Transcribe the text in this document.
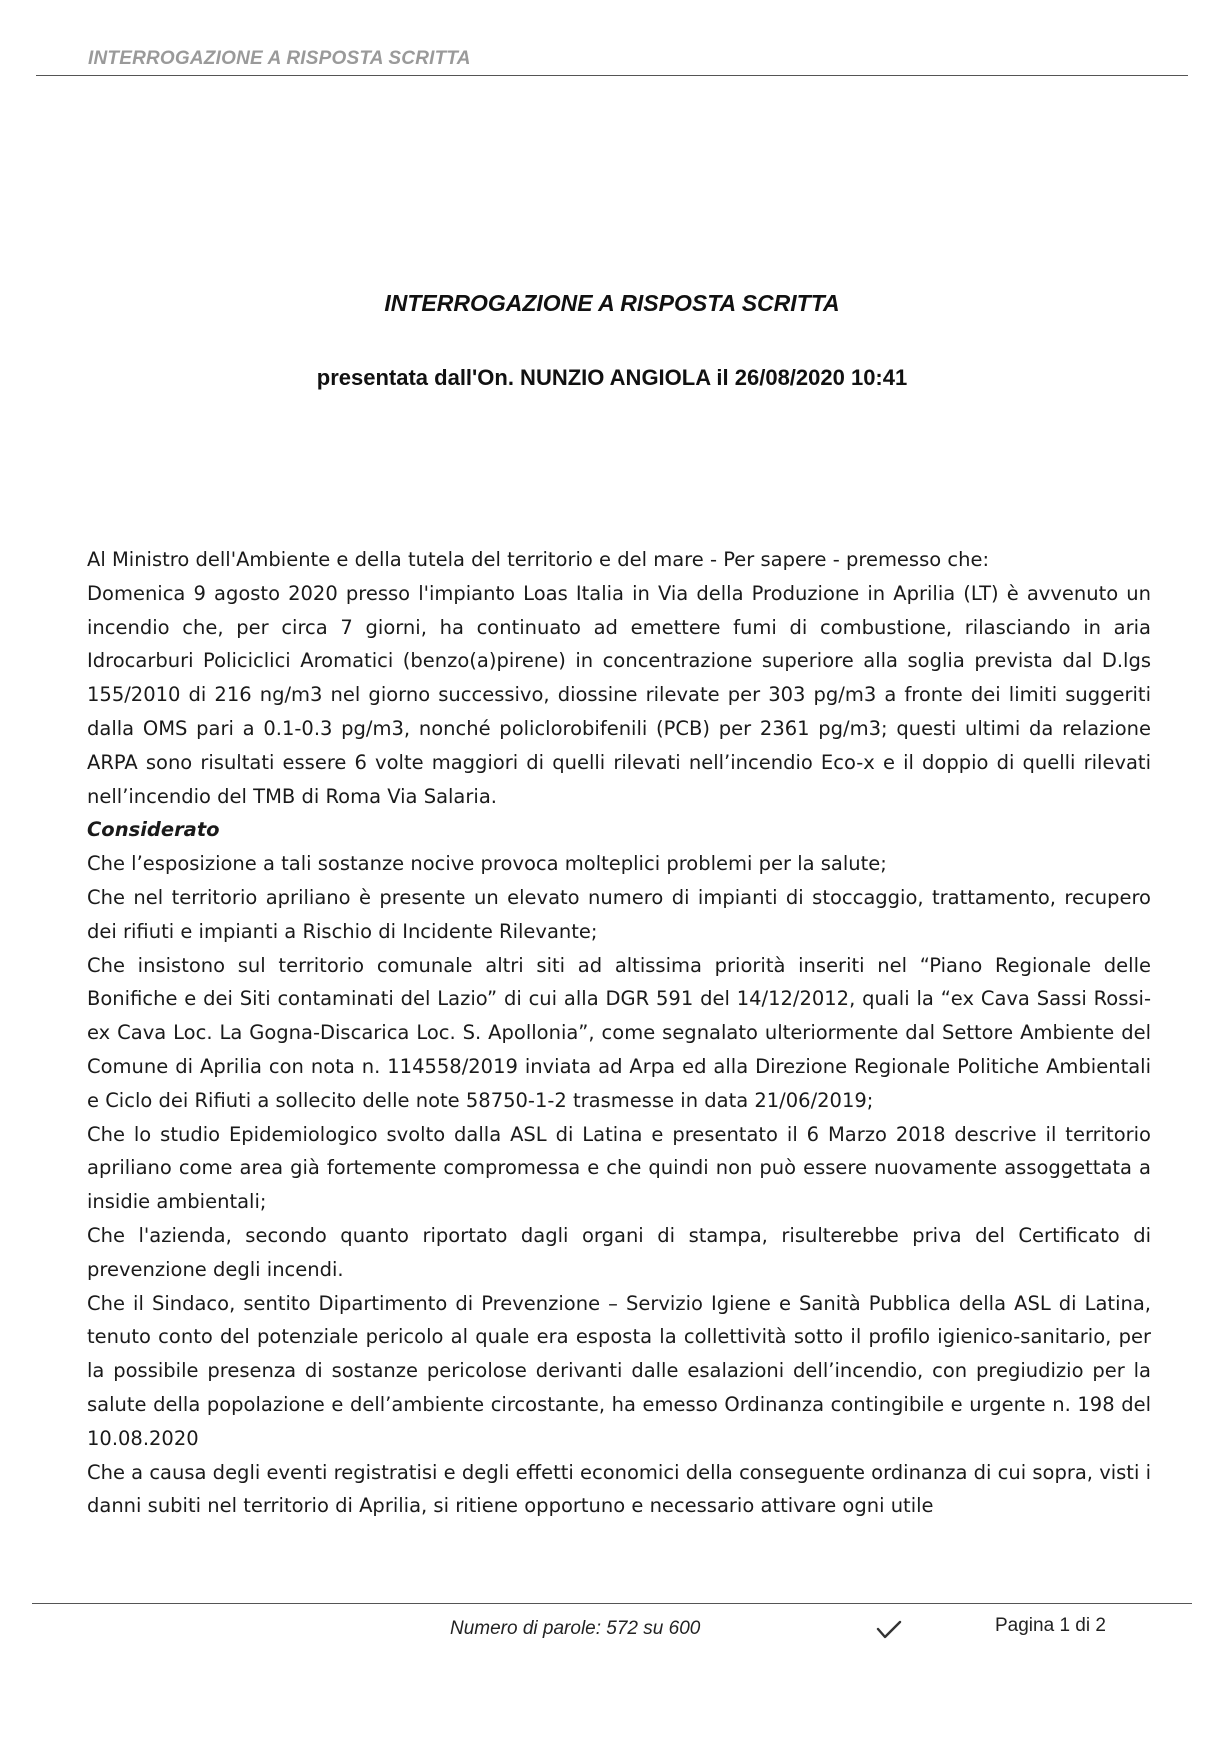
INTERROGAZIONE A RISPOSTA SCRITTA
INTERROGAZIONE A RISPOSTA SCRITTA
presentata dall'On. NUNZIO ANGIOLA il 26/08/2020 10:41

Al Ministro dell'Ambiente e della tutela del territorio e del mare - Per sapere - premesso che:

Domenica 9 agosto 2020 presso l'impianto Loas Italia in Via della Produzione in Aprilia (LT) è avvenuto un incendio che, per circa 7 giorni, ha continuato ad emettere fumi di combustione, rilasciando in aria Idrocarburi Policiclici Aromatici (benzo(a)pirene) in concentrazione superiore alla soglia prevista dal D.lgs 155/2010 di 216 ng/m3 nel giorno successivo, diossine rilevate per 303 pg/m3 a fronte dei limiti suggeriti dalla OMS pari a 0.1-0.3 pg/m3, nonché policlorobifenili (PCB) per 2361 pg/m3; questi ultimi da relazione ARPA sono risultati essere 6 volte maggiori di quelli rilevati nell’incendio Eco-x e il doppio di quelli rilevati nell’incendio del TMB di Roma Via Salaria.

Considerato

Che l’esposizione a tali sostanze nocive provoca molteplici problemi per la salute;

Che nel territorio apriliano è presente un elevato numero di impianti di stoccaggio, trattamento, recupero dei rifiuti e impianti a Rischio di Incidente Rilevante;

Che insistono sul territorio comunale altri siti ad altissima priorità inseriti nel “Piano Regionale delle Bonifiche e dei Siti contaminati del Lazio” di cui alla DGR 591 del 14/12/2012, quali la “ex Cava Sassi Rossi- ex Cava Loc. La Gogna-Discarica Loc. S. Apollonia”, come segnalato ulteriormente dal Settore Ambiente del Comune di Aprilia con nota n. 114558/2019 inviata ad Arpa ed alla Direzione Regionale Politiche Ambientali e Ciclo dei Rifiuti a sollecito delle note 58750-1-2 trasmesse in data 21/06/2019;

Che lo studio Epidemiologico svolto dalla ASL di Latina e presentato il 6 Marzo 2018 descrive il territorio apriliano come area già fortemente compromessa e che quindi non può essere nuovamente assoggettata a insidie ambientali;

Che l'azienda, secondo quanto riportato dagli organi di stampa, risulterebbe priva del Certificato di prevenzione degli incendi.

Che il Sindaco, sentito Dipartimento di Prevenzione – Servizio Igiene e Sanità Pubblica della ASL di Latina, tenuto conto del potenziale pericolo al quale era esposta la collettività sotto il profilo igienico-sanitario, per la possibile presenza di sostanze pericolose derivanti dalle esalazioni dell’incendio, con pregiudizio per la salute della popolazione e dell’ambiente circostante, ha emesso Ordinanza contingibile e urgente n. 198 del 10.08.2020

Che a causa degli eventi registratisi e degli effetti economici della conseguente ordinanza di cui sopra, visti i danni subiti nel territorio di Aprilia, si ritiene opportuno e necessario attivare ogni utile

Numero di parole: 572 su 600	Pagina 1 di 2
